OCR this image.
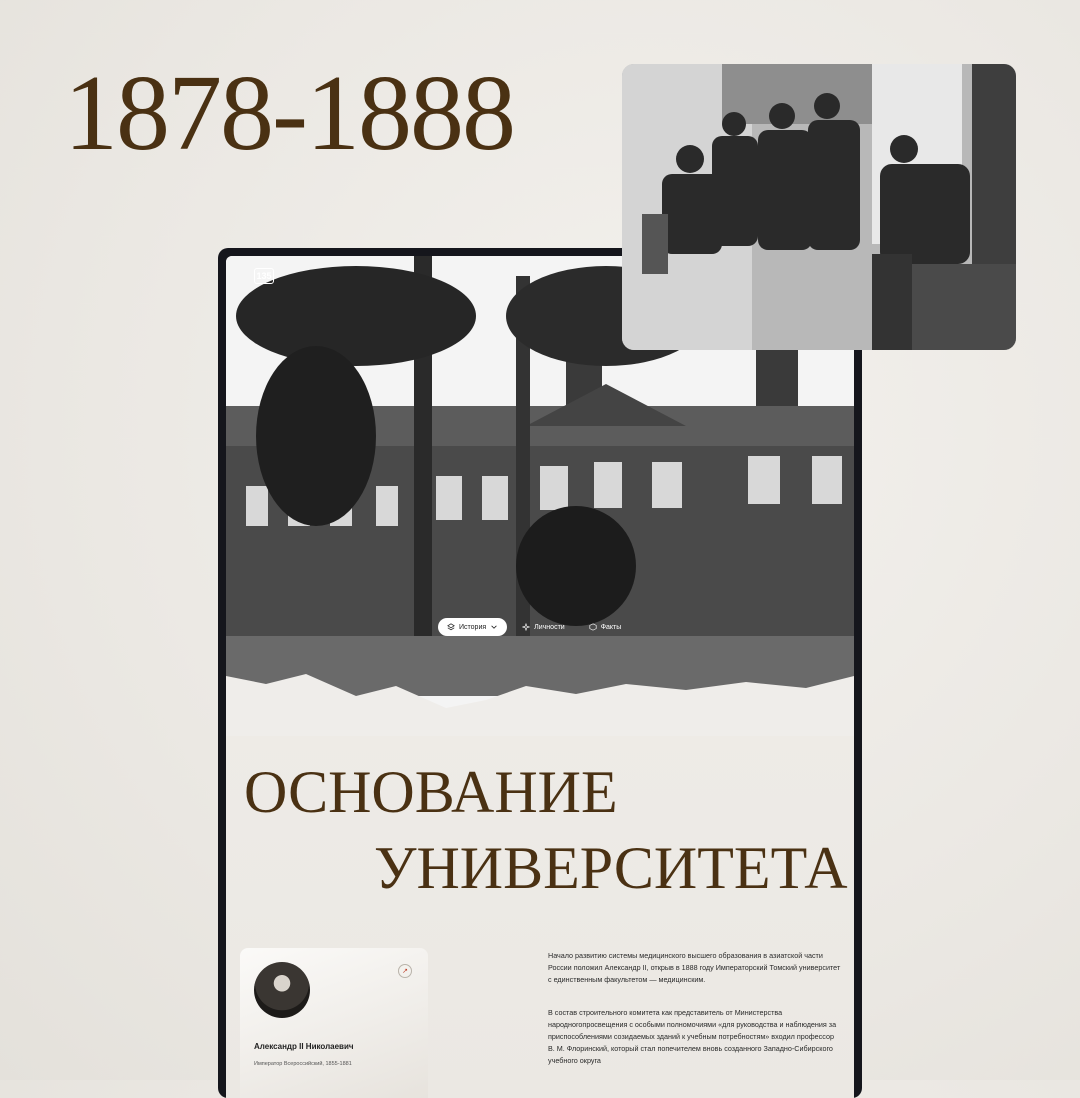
1878-1888
135
История	Личности	Факты
ОСНОВАНИЕ
УНИВЕРСИТЕТА
↗
Александр II Николаевич
Император Всероссийский, 1855-1881

Начало развитию системы медицинского высшего образования в азиатской части России положил Александр II, открыв в 1888 году Императорский Томский университет с единственным факультетом — медицинским.

В состав строительного комитета как представитель от Министерства народногопросвещения с особыми полномочиями «для руководства и наблюдения за приспособлениями созидаемых зданий к учебным потребностям» входил профессор В. М. Флоринский, который стал попечителем вновь созданного Западно-Сибирского учебного округа
